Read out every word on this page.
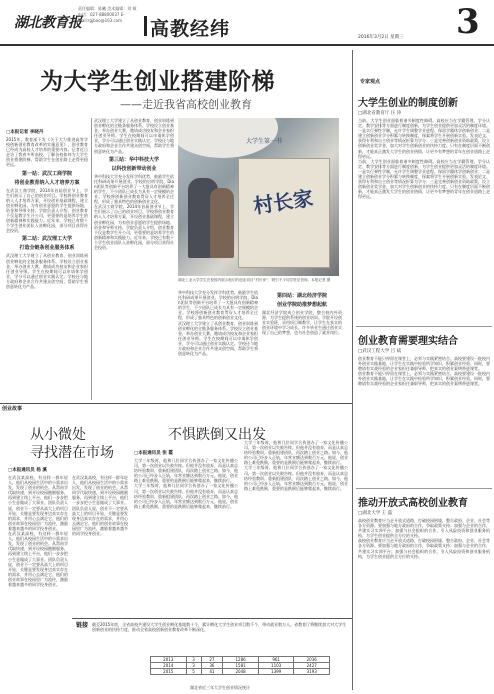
湖北教育报
责任编辑：陈曦 美术编辑：刘 敏 电话：027-88800037 E-mail:rgjbao@163.com	高教经纬	3
2016年3月2日 星期三
为大学生创业搭建阶梯
——走近我省高校创业教育
□本报记者 李晓丹
2015年，教育部下发《关于大力推进高等学校创新创业教育改革的实施意见》，创业教育已经成为高校人才培养的重要内容。记者近日走访了我省多所高校，了解各校如何为大学生创业搭建阶梯，帮助学生在创业路上走得更稳更远。
第一站：武汉工商学院
将创业教育纳入人才培养方案
在武汉工商学院，2014年首届创业节上，学生们展示了自己的创业项目。学校将创业教育纳入人才培养方案，开设创业基础课程，建立创业孵化园，为有创业意愿的学生提供场地、资金和导师支持。学院负责人介绍，创业教育不仅是教学生开公司，更重要的是培养学生的创新精神和实践能力。近年来，学校已有数十个学生创业团队入驻孵化园，部分项目获得社会投资。
第二站：武汉理工大学
打造全链条创业服务体系
武汉理工大学建立了从创业教育、创业训练到创业孵化的全链条服务体系。学校设立创业基金，举办创业大赛，邀请成功校友和企业家担任创业导师。学生在校期间可以申请休学创业，学分可以通过创业实践认定。学校还与地方政府和企业合作共建众创空间，帮助学生将创意转化为产品。
武汉理工大学建立了从创业教育、创业训练到创业孵化的全链条服务体系。学校设立创业基金，举办创业大赛，邀请成功校友和企业家担任创业导师。学生在校期间可以申请休学创业，学分可以通过创业实践认定。学校还与地方政府和企业合作共建众创空间，帮助学生将创意转化为产品。
第三站：华中科技大学
以科技创新带动创业
华中科技大学充分发挥学科优势，鼓励学生依托科研成果开展创业。学校的启明学院、Dian团队等创新平台培养了一大批具有创新精神的学生，不少团队已成长为具有一定规模的企业。学校将创新创业教育贯穿人才培养全过程，形成了独具特色的创新创业文化。
在武汉工商学院，2014年首届创业节上，学生们展示了自己的创业项目。学校将创业教育纳入人才培养方案，开设创业基础课程，建立创业孵化园，为有创业意愿的学生提供场地、资金和导师支持。学院负责人介绍，创业教育不仅是教学生开公司，更重要的是培养学生的创新精神和实践能力。近年来，学校已有数十个学生创业团队入驻孵化园，部分项目获得社会投资。
大学生第一书
村长家
湖北工业大学学生在校园内展示他们的创业项目“村长家”，吸引不少同学驻足咨询。本报记者 摄
华中科技大学充分发挥学科优势，鼓励学生依托科研成果开展创业。学校的启明学院、Dian团队等创新平台培养了一大批具有创新精神的学生，不少团队已成长为具有一定规模的企业。学校将创新创业教育贯穿人才培养全过程，形成了独具特色的创新创业文化。
武汉理工大学建立了从创业教育、创业训练到创业孵化的全链条服务体系。学校设立创业基金，举办创业大赛，邀请成功校友和企业家担任创业导师。学生在校期间可以申请休学创业，学分可以通过创业实践认定。学校还与地方政府和企业合作共建众创空间，帮助学生将创意转化为产品。
第四站：湖北经济学院
创业学院助推梦想起航
湖北经济学院成立创业学院，整合校内外资源，为学生提供系统的创业培训。学院开设创业实验班，采用项目制教学，让学生在真实的创业环境中学习成长。许多毕业生通过创业实现了自己的梦想，也为社会创造了就业岗位。
专家观点
大学生创业的制度创新
□湖北省教育厅 汪 涛
当前，大学生创业面临着诸多制度性障碍。高校应当在学籍管理、学分认定、教学安排等方面进行制度创新，为学生创业提供更加灵活的制度环境。一是实行弹性学制，允许学生调整学业进程、保留学籍休学创新创业；二是建立创新创业学分积累与转换制度，探索将学生开展创新实验、发表论文、获得专利和自主创业等情况折算为学分；三是完善创新创业资助政策，设立创新创业奖学金，加大对学生创新创业的扶持力度。只有在制度层面不断创新，才能真正激发大学生的创业热情，让更多有梦想的青年在创业道路上走得更远。
当前，大学生创业面临着诸多制度性障碍。高校应当在学籍管理、学分认定、教学安排等方面进行制度创新，为学生创业提供更加灵活的制度环境。一是实行弹性学制，允许学生调整学业进程、保留学籍休学创新创业；二是建立创新创业学分积累与转换制度，探索将学生开展创新实验、发表论文、获得专利和自主创业等情况折算为学分；三是完善创新创业资助政策，设立创新创业奖学金，加大对学生创新创业的扶持力度。只有在制度层面不断创新，才能真正激发大学生的创业热情，让更多有梦想的青年在创业道路上走得更远。
创业教育需要理实结合
□武汉工程大学 吕 斌
创业教育不能只停留在课堂上，必须与实践紧密结合。高校要建设一批校内外创业实践基地，让学生在实践中检验所学知识，积累创业经验。同时，要聘请有实战经验的企业家担任兼职导师，把真实的创业案例带进课堂。
创业教育不能只停留在课堂上，必须与实践紧密结合。高校要建设一批校内外创业实践基地，让学生在实践中检验所学知识，积累创业经验。同时，要聘请有实战经验的企业家担任兼职导师，把真实的创业案例带进课堂。
推动开放式高校创业教育
□湖北大学 王 磊
高校创业教育应当走开放式道路，打破校园围墙，整合政府、企业、社会等各方资源。要加强与地方政府的合作，争取政策支持；加强与企业的合作，共建实习实训平台；加强与社会组织的合作，引入风险投资和创业服务机构，为学生创业提供全方位的支持。
高校创业教育应当走开放式道路，打破校园围墙，整合政府、企业、社会等各方资源。要加强与地方政府的合作，争取政策支持；加强与企业的合作，共建实习实训平台；加强与社会组织的合作，引入风险投资和创业服务机构，为学生创业提供全方位的支持。
创业故事
从小微处
寻找潜在市场
□本报通讯员 杨 溪
在武汉某高校，有这样一群年轻人，他们从校园生活中的小需求出发，发现了创业的机会。从帮同学代取快递，到开设校园跑腿服务，再到建立线上平台，他们一步步把小生意做成了大事业。团队负责人说，创业不一定要从高大上的项目开始，关键是要发现身边真实存在的需求，并用心去满足它。他们的创业故事在校园里广为流传，激励着越来越多的同学投身创业。
在武汉某高校，有这样一群年轻人，他们从校园生活中的小需求出发，发现了创业的机会。从帮同学代取快递，到开设校园跑腿服务，再到建立线上平台，他们一步步把小生意做成了大事业。团队负责人说，创业不一定要从高大上的项目开始，关键是要发现身边真实存在的需求，并用心去满足它。他们的创业故事在校园里广为流传，激励着越来越多的同学投身创业。
在武汉某高校，有这样一群年轻人，他们从校园生活中的小需求出发，发现了创业的机会。从帮同学代取快递，到开设校园跑腿服务，再到建立线上平台，他们一步步把小生意做成了大事业。团队负责人说，创业不一定要从高大上的项目开始，关键是要发现身边真实存在的需求，并用心去满足它。他们的创业故事在校园里广为流传，激励着越来越多的同学投身创业。
不惧跌倒又出发
□本报通讯员 张 霞
大学三年级时，他和几位同学合伙创办了一家文化传播公司，第一次创业以失败告终。但他并没有放弃，而是认真总结经验教训，重新组建团队，再次踏上创业之路。如今，他的公司已经步入正轨，年营业额达到数百万元。他说，创业路上难免跌倒，重要的是跌倒后能够爬起来，继续前行。
大学三年级时，他和几位同学合伙创办了一家文化传播公司，第一次创业以失败告终。但他并没有放弃，而是认真总结经验教训，重新组建团队，再次踏上创业之路。如今，他的公司已经步入正轨，年营业额达到数百万元。他说，创业路上难免跌倒，重要的是跌倒后能够爬起来，继续前行。
大学三年级时，他和几位同学合伙创办了一家文化传播公司，第一次创业以失败告终。但他并没有放弃，而是认真总结经验教训，重新组建团队，再次踏上创业之路。如今，他的公司已经步入正轨，年营业额达到数百万元。他说，创业路上难免跌倒，重要的是跌倒后能够爬起来，继续前行。
大学三年级时，他和几位同学合伙创办了一家文化传播公司，第一次创业以失败告终。但他并没有放弃，而是认真总结经验教训，重新组建团队，再次踏上创业之路。如今，他的公司已经步入正轨，年营业额达到数百万元。他说，创业路上难免跌倒，重要的是跌倒后能够爬起来，继续前行。
链接 截至2015年底，全省高校共建设大学生创业孵化基地数十个，累计孵化大学生创业项目数千个，带动就业数万人。省教育厅将继续加大对大学生创新创业的扶持力度，推动全省高校创新创业教育改革不断深化。
2013	3	27	1286	961	2036
2014	3	36	1581	1103	2427
2015	5	41	2048	1399	3193
湖北省近三年大学生创业情况统计
